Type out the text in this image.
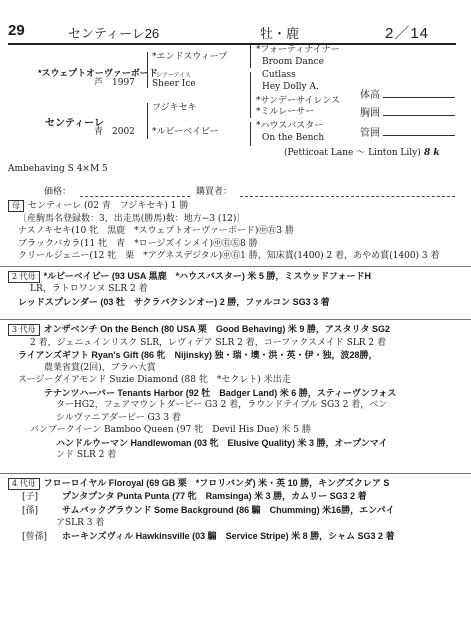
29	センティーレ26	牡・鹿	2／14
*スウェプトオーヴァーボード
芦　1997
センティーレ
青　2002
*エンドスウィープ
シアーアイス
Sheer Ice
フジキセキ
*ルビーベイビー
*フォーティナイナー
Broom Dance
Cutlass
Hey Dolly A.
*サンデーサイレンス
*ミルレーサー
*ハウスバスター
On the Bench
体高
胸囲
管囲
(Petticoat Lane ～ Linton Lily) 8 k
Ambehaving S 4×M 5
価格：	購買者：
母 センティーレ (02 青　フジキセキ) 1 勝
〔産駒馬名登録数：3，出走馬(勝馬)数：地方−3 (12)〕
ナスノキセキ(10 牝　黒鹿　*スウェプトオーヴァーボード)㊥㊨3 勝
ブラックバカラ(11 牝　青　*ロージズインメイ)㊥㊨㊧8 勝
クリールジェニー(12 牝　栗　*アグネスデジタル)㊥㊨1 勝，知床賞(1400) 2 着，あやめ賞(1400) 3 着
2 代母 *ルビーベイビー (93 USA 黒鹿　*ハウスバスター) 米 5 勝，ミスウッドフォードH
LR，ラトロワンヌ SLR 2 着
レッドスプレンダー (03 牡　サクラバクシンオー) 2 勝，ファルコン SG3 3 着
3 代母 オンザベンチ On the Bench (80 USA 栗　Good Behaving) 米 9 勝，アスタリタ SG2
2 着，ジェニュインリスク SLR，レヴィデア SLR 2 着，コーファクスメイド SLR 2 着
ライアンズギフト Ryan's Gift (86 牝　Nijinsky) 独・瑞・墺・洪・英・伊・独，波28勝，
農業省賞(2回)，ブラハ大賞
スージーダイアモンド Suzie Diamond (88 牝　*セクレト) 米出走
テナンツハーバー Tenants Harbor (92 牡　Badger Land) 米 6 勝，スティーヴンフォス
ターHG2，フェアマウントダービー G3 2 着，ラウンドテイブル SG3 2 着，ベン
シルヴァニアダービー G3 3 着
バンブークイーン Bamboo Queen (97 牝　Devil His Due) 米 5 勝
ハンドルウーマン Handlewoman (03 牝　Elusive Quality) 米 3 勝，オープンマイ
ンド SLR 2 着
4 代母 フローロイヤル Floroyal (69 GB 栗　*フロリバンダ) 米・英 10 勝，キングズクレア S
[子]	プンタプンタ Punta Punta (77 牝　Ramsinga) 米 3 勝，カムリー SG3 2 着
[孫]	サムバックグラウンド Some Background (86 騸　Chumming) 米16勝，エンパイ
アSLR 3 着
[曾孫] ホーキンズヴィル Hawkinsville (03 騸　Service Stripe) 米 8 勝，シャム SG3 2 着
